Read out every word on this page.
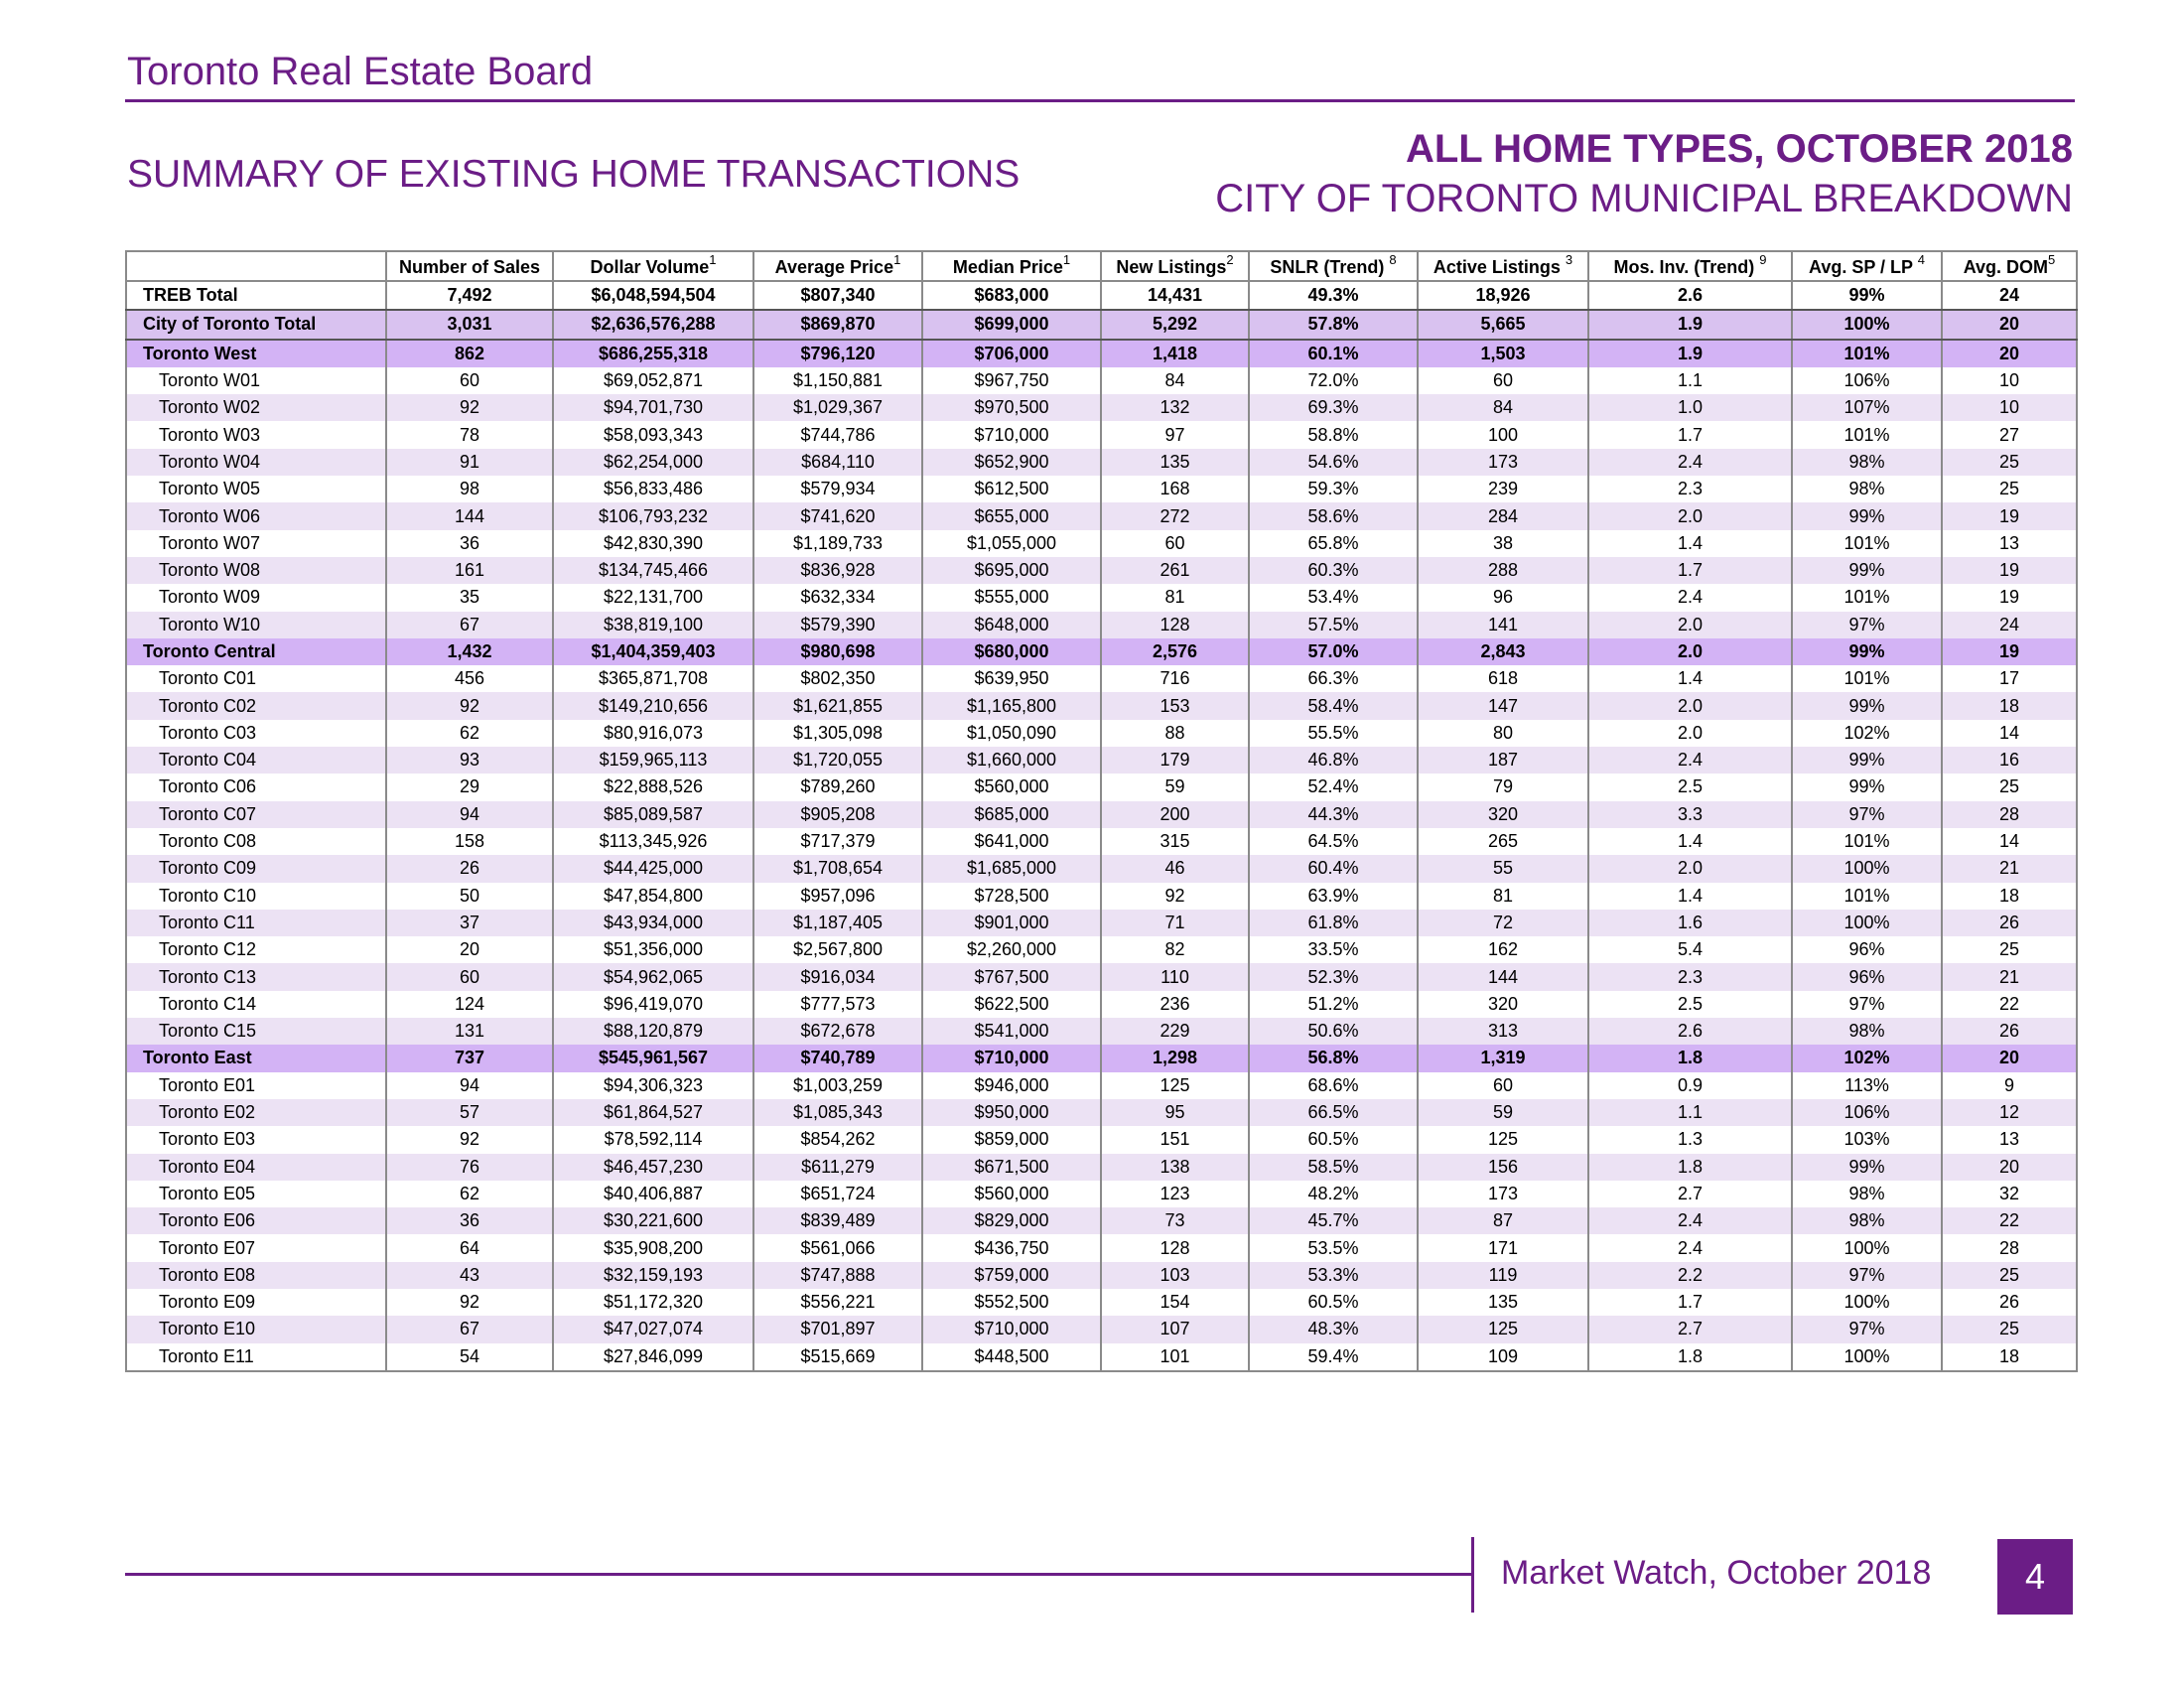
Toronto Real Estate Board
SUMMARY OF EXISTING HOME TRANSACTIONS
ALL HOME TYPES, OCTOBER 2018
CITY OF TORONTO MUNICIPAL BREAKDOWN
	Number of Sales	Dollar Volume$^1$	Average Price$^1$	Median Price$^1$	New Listings$^2$	SNLR (Trend) $^8$	Active Listings $^3$	Mos. Inv. (Trend) $^9$	Avg. SP / LP $^4$	Avg. DOM$^5$
TREB Total	7,492	$6,048,594,504	$807,340	$683,000	14,431	49.3%	18,926	2.6	99%	24
City of Toronto Total	3,031	$2,636,576,288	$869,870	$699,000	5,292	57.8%	5,665	1.9	100%	20
Toronto West	862	$686,255,318	$796,120	$706,000	1,418	60.1%	1,503	1.9	101%	20
Toronto W01	60	$69,052,871	$1,150,881	$967,750	84	72.0%	60	1.1	106%	10
Toronto W02	92	$94,701,730	$1,029,367	$970,500	132	69.3%	84	1.0	107%	10
Toronto W03	78	$58,093,343	$744,786	$710,000	97	58.8%	100	1.7	101%	27
Toronto W04	91	$62,254,000	$684,110	$652,900	135	54.6%	173	2.4	98%	25
Toronto W05	98	$56,833,486	$579,934	$612,500	168	59.3%	239	2.3	98%	25
Toronto W06	144	$106,793,232	$741,620	$655,000	272	58.6%	284	2.0	99%	19
Toronto W07	36	$42,830,390	$1,189,733	$1,055,000	60	65.8%	38	1.4	101%	13
Toronto W08	161	$134,745,466	$836,928	$695,000	261	60.3%	288	1.7	99%	19
Toronto W09	35	$22,131,700	$632,334	$555,000	81	53.4%	96	2.4	101%	19
Toronto W10	67	$38,819,100	$579,390	$648,000	128	57.5%	141	2.0	97%	24
Toronto Central	1,432	$1,404,359,403	$980,698	$680,000	2,576	57.0%	2,843	2.0	99%	19
Toronto C01	456	$365,871,708	$802,350	$639,950	716	66.3%	618	1.4	101%	17
Toronto C02	92	$149,210,656	$1,621,855	$1,165,800	153	58.4%	147	2.0	99%	18
Toronto C03	62	$80,916,073	$1,305,098	$1,050,090	88	55.5%	80	2.0	102%	14
Toronto C04	93	$159,965,113	$1,720,055	$1,660,000	179	46.8%	187	2.4	99%	16
Toronto C06	29	$22,888,526	$789,260	$560,000	59	52.4%	79	2.5	99%	25
Toronto C07	94	$85,089,587	$905,208	$685,000	200	44.3%	320	3.3	97%	28
Toronto C08	158	$113,345,926	$717,379	$641,000	315	64.5%	265	1.4	101%	14
Toronto C09	26	$44,425,000	$1,708,654	$1,685,000	46	60.4%	55	2.0	100%	21
Toronto C10	50	$47,854,800	$957,096	$728,500	92	63.9%	81	1.4	101%	18
Toronto C11	37	$43,934,000	$1,187,405	$901,000	71	61.8%	72	1.6	100%	26
Toronto C12	20	$51,356,000	$2,567,800	$2,260,000	82	33.5%	162	5.4	96%	25
Toronto C13	60	$54,962,065	$916,034	$767,500	110	52.3%	144	2.3	96%	21
Toronto C14	124	$96,419,070	$777,573	$622,500	236	51.2%	320	2.5	97%	22
Toronto C15	131	$88,120,879	$672,678	$541,000	229	50.6%	313	2.6	98%	26
Toronto East	737	$545,961,567	$740,789	$710,000	1,298	56.8%	1,319	1.8	102%	20
Toronto E01	94	$94,306,323	$1,003,259	$946,000	125	68.6%	60	0.9	113%	9
Toronto E02	57	$61,864,527	$1,085,343	$950,000	95	66.5%	59	1.1	106%	12
Toronto E03	92	$78,592,114	$854,262	$859,000	151	60.5%	125	1.3	103%	13
Toronto E04	76	$46,457,230	$611,279	$671,500	138	58.5%	156	1.8	99%	20
Toronto E05	62	$40,406,887	$651,724	$560,000	123	48.2%	173	2.7	98%	32
Toronto E06	36	$30,221,600	$839,489	$829,000	73	45.7%	87	2.4	98%	22
Toronto E07	64	$35,908,200	$561,066	$436,750	128	53.5%	171	2.4	100%	28
Toronto E08	43	$32,159,193	$747,888	$759,000	103	53.3%	119	2.2	97%	25
Toronto E09	92	$51,172,320	$556,221	$552,500	154	60.5%	135	1.7	100%	26
Toronto E10	67	$47,027,074	$701,897	$710,000	107	48.3%	125	2.7	97%	25
Toronto E11	54	$27,846,099	$515,669	$448,500	101	59.4%	109	1.8	100%	18
Market Watch, October 2018	4
